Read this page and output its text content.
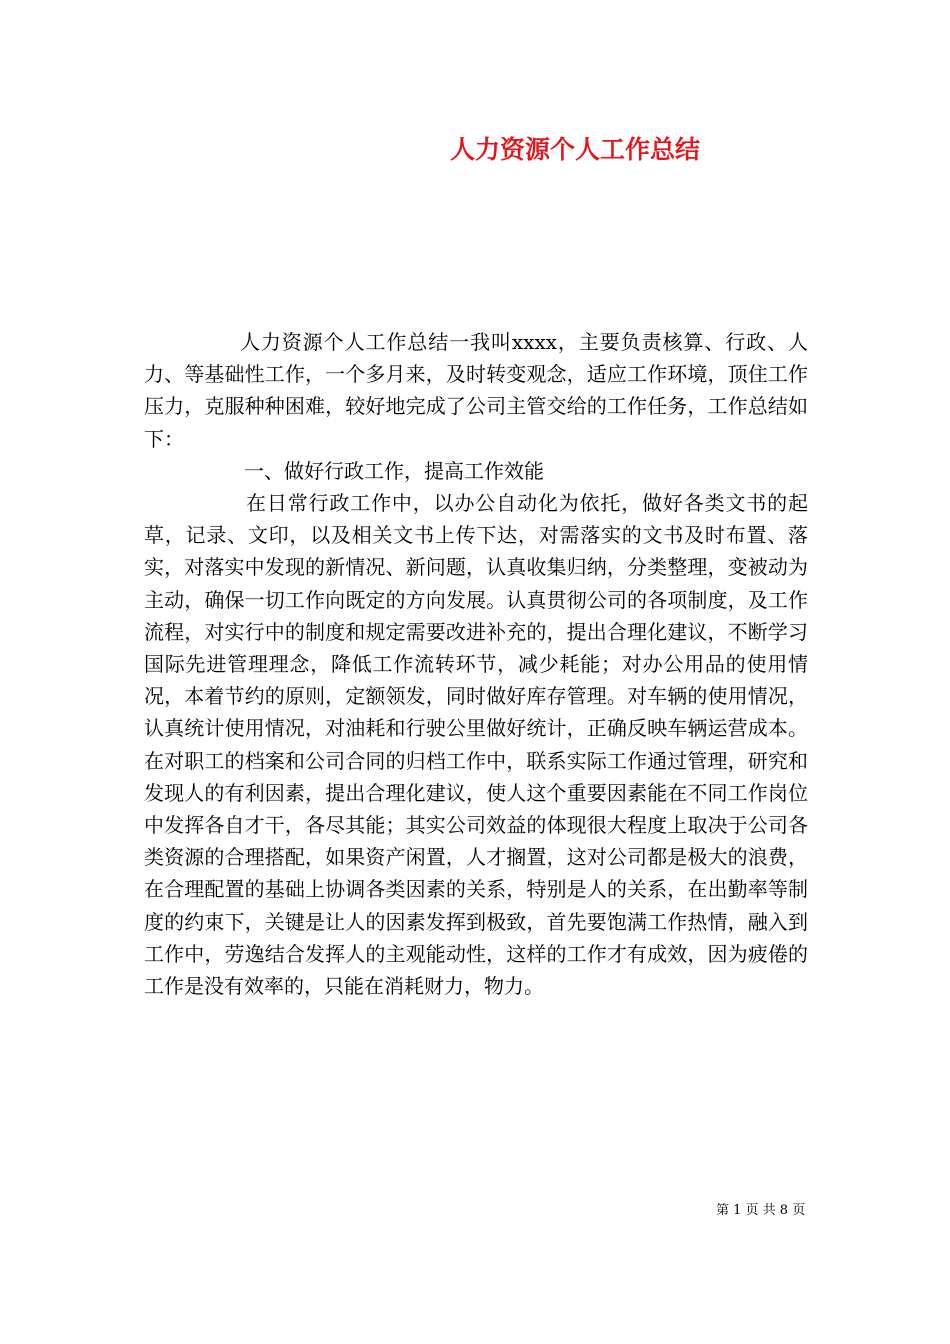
人力资源个人工作总结

人力资源个人工作总结一我叫xxxx，主要负责核算、行政、人力、等基础性工作，一个多月来，及时转变观念，适应工作环境，顶住工作压力，克服种种困难，较好地完成了公司主管交给的工作任务，工作总结如下：

一、做好行政工作，提高工作效能

在日常行政工作中，以办公自动化为依托，做好各类文书的起草，记录、文印，以及相关文书上传下达，对需落实的文书及时布置、落实，对落实中发现的新情况、新问题，认真收集归纳，分类整理，变被动为主动，确保一切工作向既定的方向发展。认真贯彻公司的各项制度，及工作流程，对实行中的制度和规定需要改进补充的，提出合理化建议，不断学习国际先进管理理念，降低工作流转环节，减少耗能；对办公用品的使用情况，本着节约的原则，定额领发，同时做好库存管理。对车辆的使用情况，认真统计使用情况，对油耗和行驶公里做好统计，正确反映车辆运营成本。在对职工的档案和公司合同的归档工作中，联系实际工作通过管理，研究和发现人的有利因素，提出合理化建议，使人这个重要因素能在不同工作岗位中发挥各自才干，各尽其能；其实公司效益的体现很大程度上取决于公司各类资源的合理搭配，如果资产闲置，人才搁置，这对公司都是极大的浪费，在合理配置的基础上协调各类因素的关系，特别是人的关系，在出勤率等制度的约束下，关键是让人的因素发挥到极致，首先要饱满工作热情，融入到工作中，劳逸结合发挥人的主观能动性，这样的工作才有成效，因为疲倦的工作是没有效率的，只能在消耗财力，物力。

第 1 页 共 8 页
